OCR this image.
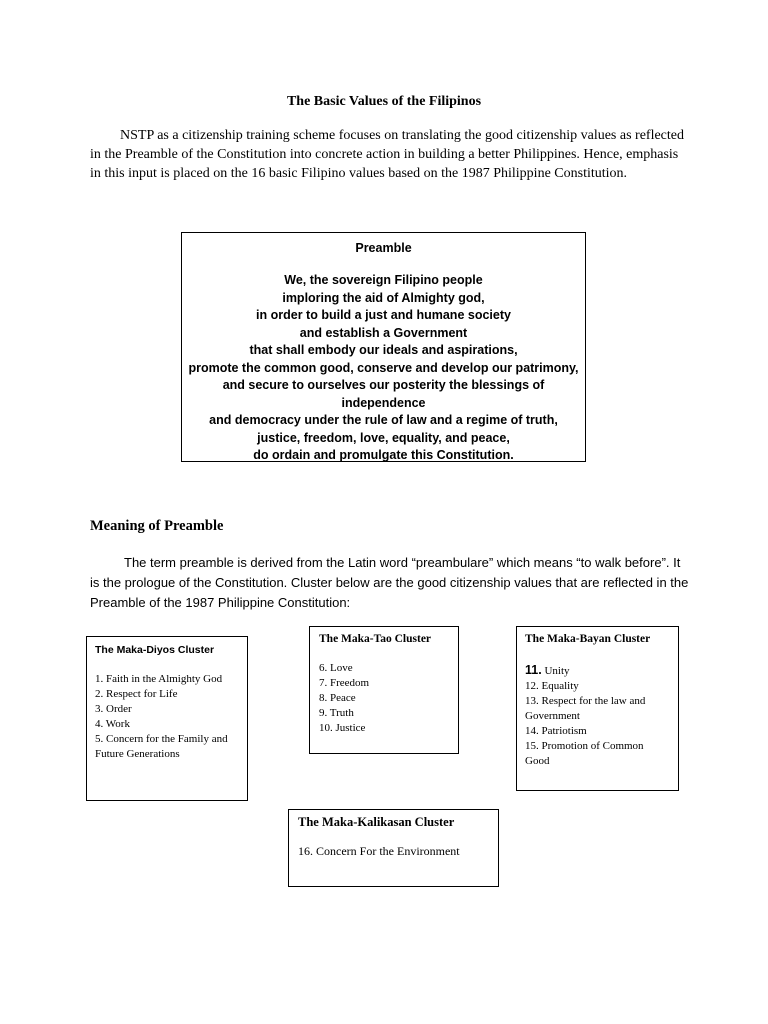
The Basic Values of the Filipinos

NSTP as a citizenship training scheme focuses on translating the good citizenship values as reflected in the Preamble of the Constitution into concrete action in building a better Philippines. Hence, emphasis in this input is placed on the 16 basic Filipino values based on the 1987 Philippine Constitution.

Preamble
We, the sovereign Filipino people
imploring the aid of Almighty god,
in order to build a just and humane society
and establish a Government
that shall embody our ideals and aspirations,
promote the common good, conserve and develop our patrimony,
and secure to ourselves our posterity the blessings of independence
and democracy under the rule of law and a regime of truth,
justice, freedom, love, equality, and peace,
do ordain and promulgate this Constitution.
Meaning of Preamble

The term preamble is derived from the Latin word “preambulare” which means “to walk before”. It is the prologue of the Constitution. Cluster below are the good citizenship values that are reflected in the Preamble of the 1987 Philippine Constitution:

The Maka-Diyos Cluster
1. Faith in the Almighty God
2. Respect for Life
3. Order
4. Work
5. Concern for the Family and Future Generations
The Maka-Tao Cluster
6. Love
7. Freedom
8. Peace
9. Truth
10. Justice
The Maka-Bayan Cluster
11. Unity
12. Equality
13. Respect for the law and Government
14. Patriotism
15. Promotion of Common Good
The Maka-Kalikasan Cluster
16. Concern For the Environment
